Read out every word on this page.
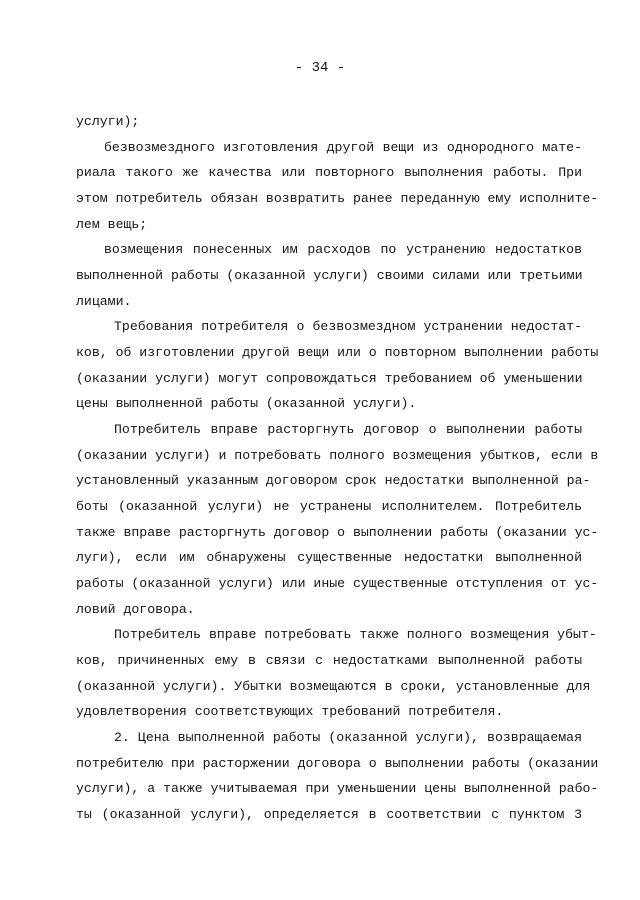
- 34 -
услуги);
безвозмездного изготовления другой вещи из однородного мате-
риала такого же качества или повторного выполнения работы. При
этом потребитель обязан возвратить ранее переданную ему исполните-
лем вещь;
возмещения понесенных им расходов по устранению недостатков
выполненной работы (оказанной услуги) своими силами или третьими
лицами.
Требования потребителя о безвозмездном устранении недостат-
ков, об изготовлении другой вещи или о повторном выполнении работы
(оказании услуги) могут сопровождаться требованием об уменьшении
цены выполненной работы (оказанной услуги).
Потребитель вправе расторгнуть договор о выполнении работы
(оказании услуги) и потребовать полного возмещения убытков, если в
установленный указанным договором срок недостатки выполненной ра-
боты (оказанной услуги) не устранены исполнителем. Потребитель
также вправе расторгнуть договор о выполнении работы (оказании ус-
луги), если им обнаружены существенные недостатки выполненной
работы (оказанной услуги) или иные существенные отступления от ус-
ловий договора.
Потребитель вправе потребовать также полного возмещения убыт-
ков, причиненных ему в связи с недостатками выполненной работы
(оказанной услуги). Убытки возмещаются в сроки, установленные для
удовлетворения соответствующих требований потребителя.
2. Цена выполненной работы (оказанной услуги), возвращаемая
потребителю при расторжении договора о выполнении работы (оказании
услуги), а также учитываемая при уменьшении цены выполненной рабо-
ты (оказанной услуги), определяется в соответствии с пунктом 3
